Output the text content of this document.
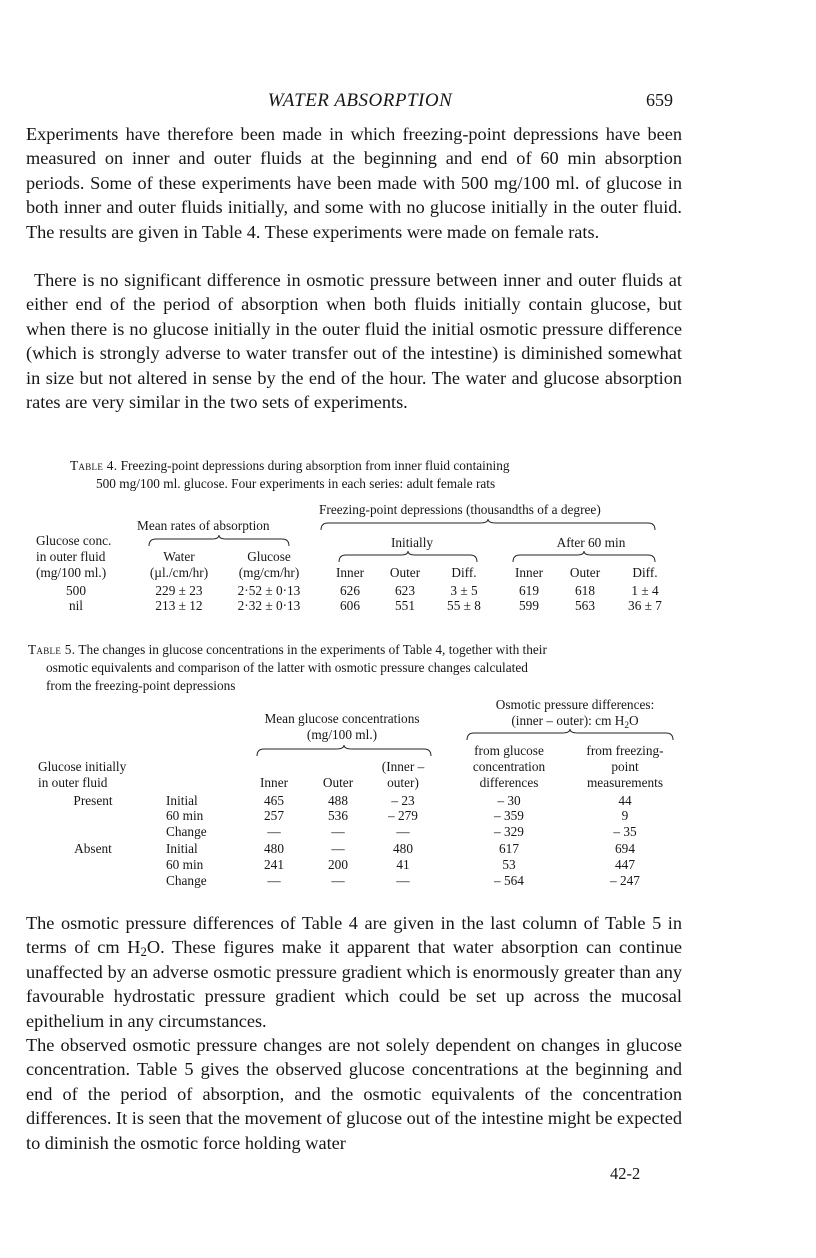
WATER ABSORPTION	659
Experiments have therefore been made in which freezing-point depressions have been measured on inner and outer fluids at the beginning and end of 60 min absorption periods. Some of these experiments have been made with 500 mg/100 ml. of glucose in both inner and outer fluids initially, and some with no glucose initially in the outer fluid. The results are given in Table 4. These experiments were made on female rats.
There is no significant difference in osmotic pressure between inner and outer fluids at either end of the period of absorption when both fluids initially contain glucose, but when there is no glucose initially in the outer fluid the initial osmotic pressure difference (which is strongly adverse to water transfer out of the intestine) is diminished somewhat in size but not altered in sense by the end of the hour. The water and glucose absorption rates are very similar in the two sets of experiments.
Table 4. Freezing-point depressions during absorption from inner fluid containing
500 mg/100 ml. glucose. Four experiments in each series: adult female rats
Freezing-point depressions (thousandths of a degree)
Mean rates of absorption
Initially	After 60 min
Glucose conc.
in outer fluid
(mg/100 ml.)
Water
(µl./cm/hr)
Glucose
(mg/cm/hr)	Inner	Outer	Diff.	Inner	Outer	Diff.
500	229 ± 23	2·52 ± 0·13	626	623	3 ± 5	619	618	1 ± 4
nil	213 ± 12	2·32 ± 0·13	606	551	55 ± 8	599	563	36 ± 7
Table 5. The changes in glucose concentrations in the experiments of Table 4, together with their
osmotic equivalents and comparison of the latter with osmotic pressure changes calculated
from the freezing-point depressions
Osmotic pressure differences:
(inner – outer): cm $H_2O$
Mean glucose concentrations
(mg/100 ml.)
from glucose
concentration
differences
from freezing-
point
measurements
Glucose initially
in outer fluid
(Inner –
outer)
Inner	Outer
Present	Initial	465	488	– 23	– 30	44
60 min	257	536	– 279	– 359	9
Change	—	—	—	– 329	– 35
Absent	Initial	480	—	480	617	694
60 min	241	200	41	53	447
Change	—	—	—	– 564	– 247
The osmotic pressure differences of Table 4 are given in the last column of Table 5 in terms of cm $H_2O$. These figures make it apparent that water absorption can continue unaffected by an adverse osmotic pressure gradient which is enormously greater than any favourable hydrostatic pressure gradient which could be set up across the mucosal epithelium in any circumstances.
The observed osmotic pressure changes are not solely dependent on changes in glucose concentration. Table 5 gives the observed glucose concentrations at the beginning and end of the period of absorption, and the osmotic equivalents of the concentration differences. It is seen that the movement of glucose out of the intestine might be expected to diminish the osmotic force holding water
42-2
